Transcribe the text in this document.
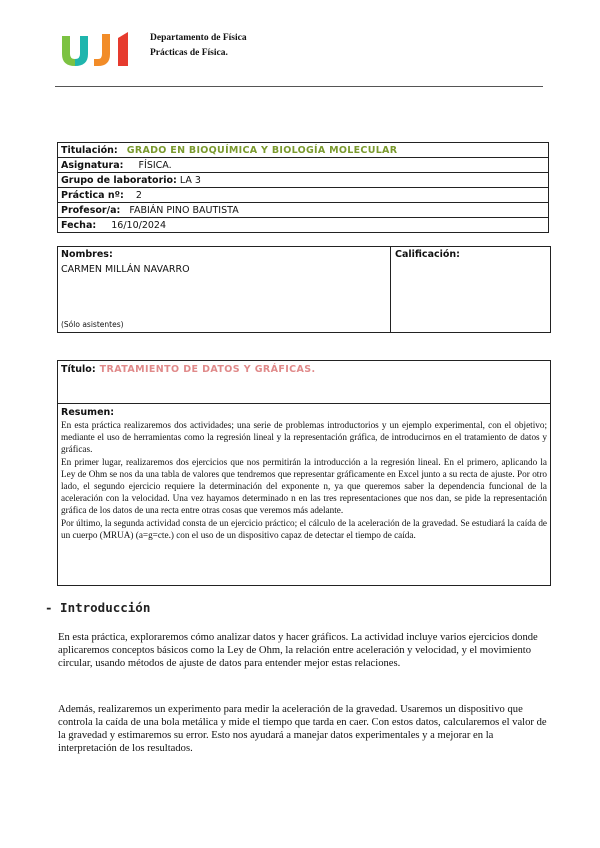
Departamento de Física
Prácticas de Física.
Titulación: GRADO EN BIOQUÍMICA Y BIOLOGÍA MOLECULAR
Asignatura: FÍSICA.
Grupo de laboratorio: LA 3
Práctica nº: 2
Profesor/a: FABIÁN PINO BAUTISTA
Fecha: 16/10/2024
Nombres:
CARMEN MILLÁN NAVARRO
(Sólo asistentes)
Calificación:
Título: TRATAMIENTO DE DATOS Y GRÁFICAS.
Resumen:

En esta práctica realizaremos dos actividades; una serie de problemas introductorios y un ejemplo experimental, con el objetivo; mediante el uso de herramientas como la regresión lineal y la representación gráfica, de introducirnos en el tratamiento de datos y gráficas.

En primer lugar, realizaremos dos ejercicios que nos permitirán la introducción a la regresión lineal. En el primero, aplicando la Ley de Ohm se nos da una tabla de valores que tendremos que representar gráficamente en Excel junto a su recta de ajuste. Por otro lado, el segundo ejercicio requiere la determinación del exponente n, ya que queremos saber la dependencia funcional de la aceleración con la velocidad. Una vez hayamos determinado n en las tres representaciones que nos dan, se pide la representación gráfica de los datos de una recta entre otras cosas que veremos más adelante.

Por último, la segunda actividad consta de un ejercicio práctico; el cálculo de la aceleración de la gravedad. Se estudiará la caída de un cuerpo (MRUA) (a=g=cte.) con el uso de un dispositivo capaz de detectar el tiempo de caída.

- Introducción

En esta práctica, exploraremos cómo analizar datos y hacer gráficos. La actividad incluye varios ejercicios donde aplicaremos conceptos básicos como la Ley de Ohm, la relación entre aceleración y velocidad, y el movimiento circular, usando métodos de ajuste de datos para entender mejor estas relaciones.

Además, realizaremos un experimento para medir la aceleración de la gravedad. Usaremos un dispositivo que controla la caída de una bola metálica y mide el tiempo que tarda en caer. Con estos datos, calcularemos el valor de la gravedad y estimaremos su error. Esto nos ayudará a manejar datos experimentales y a mejorar en la interpretación de los resultados.
